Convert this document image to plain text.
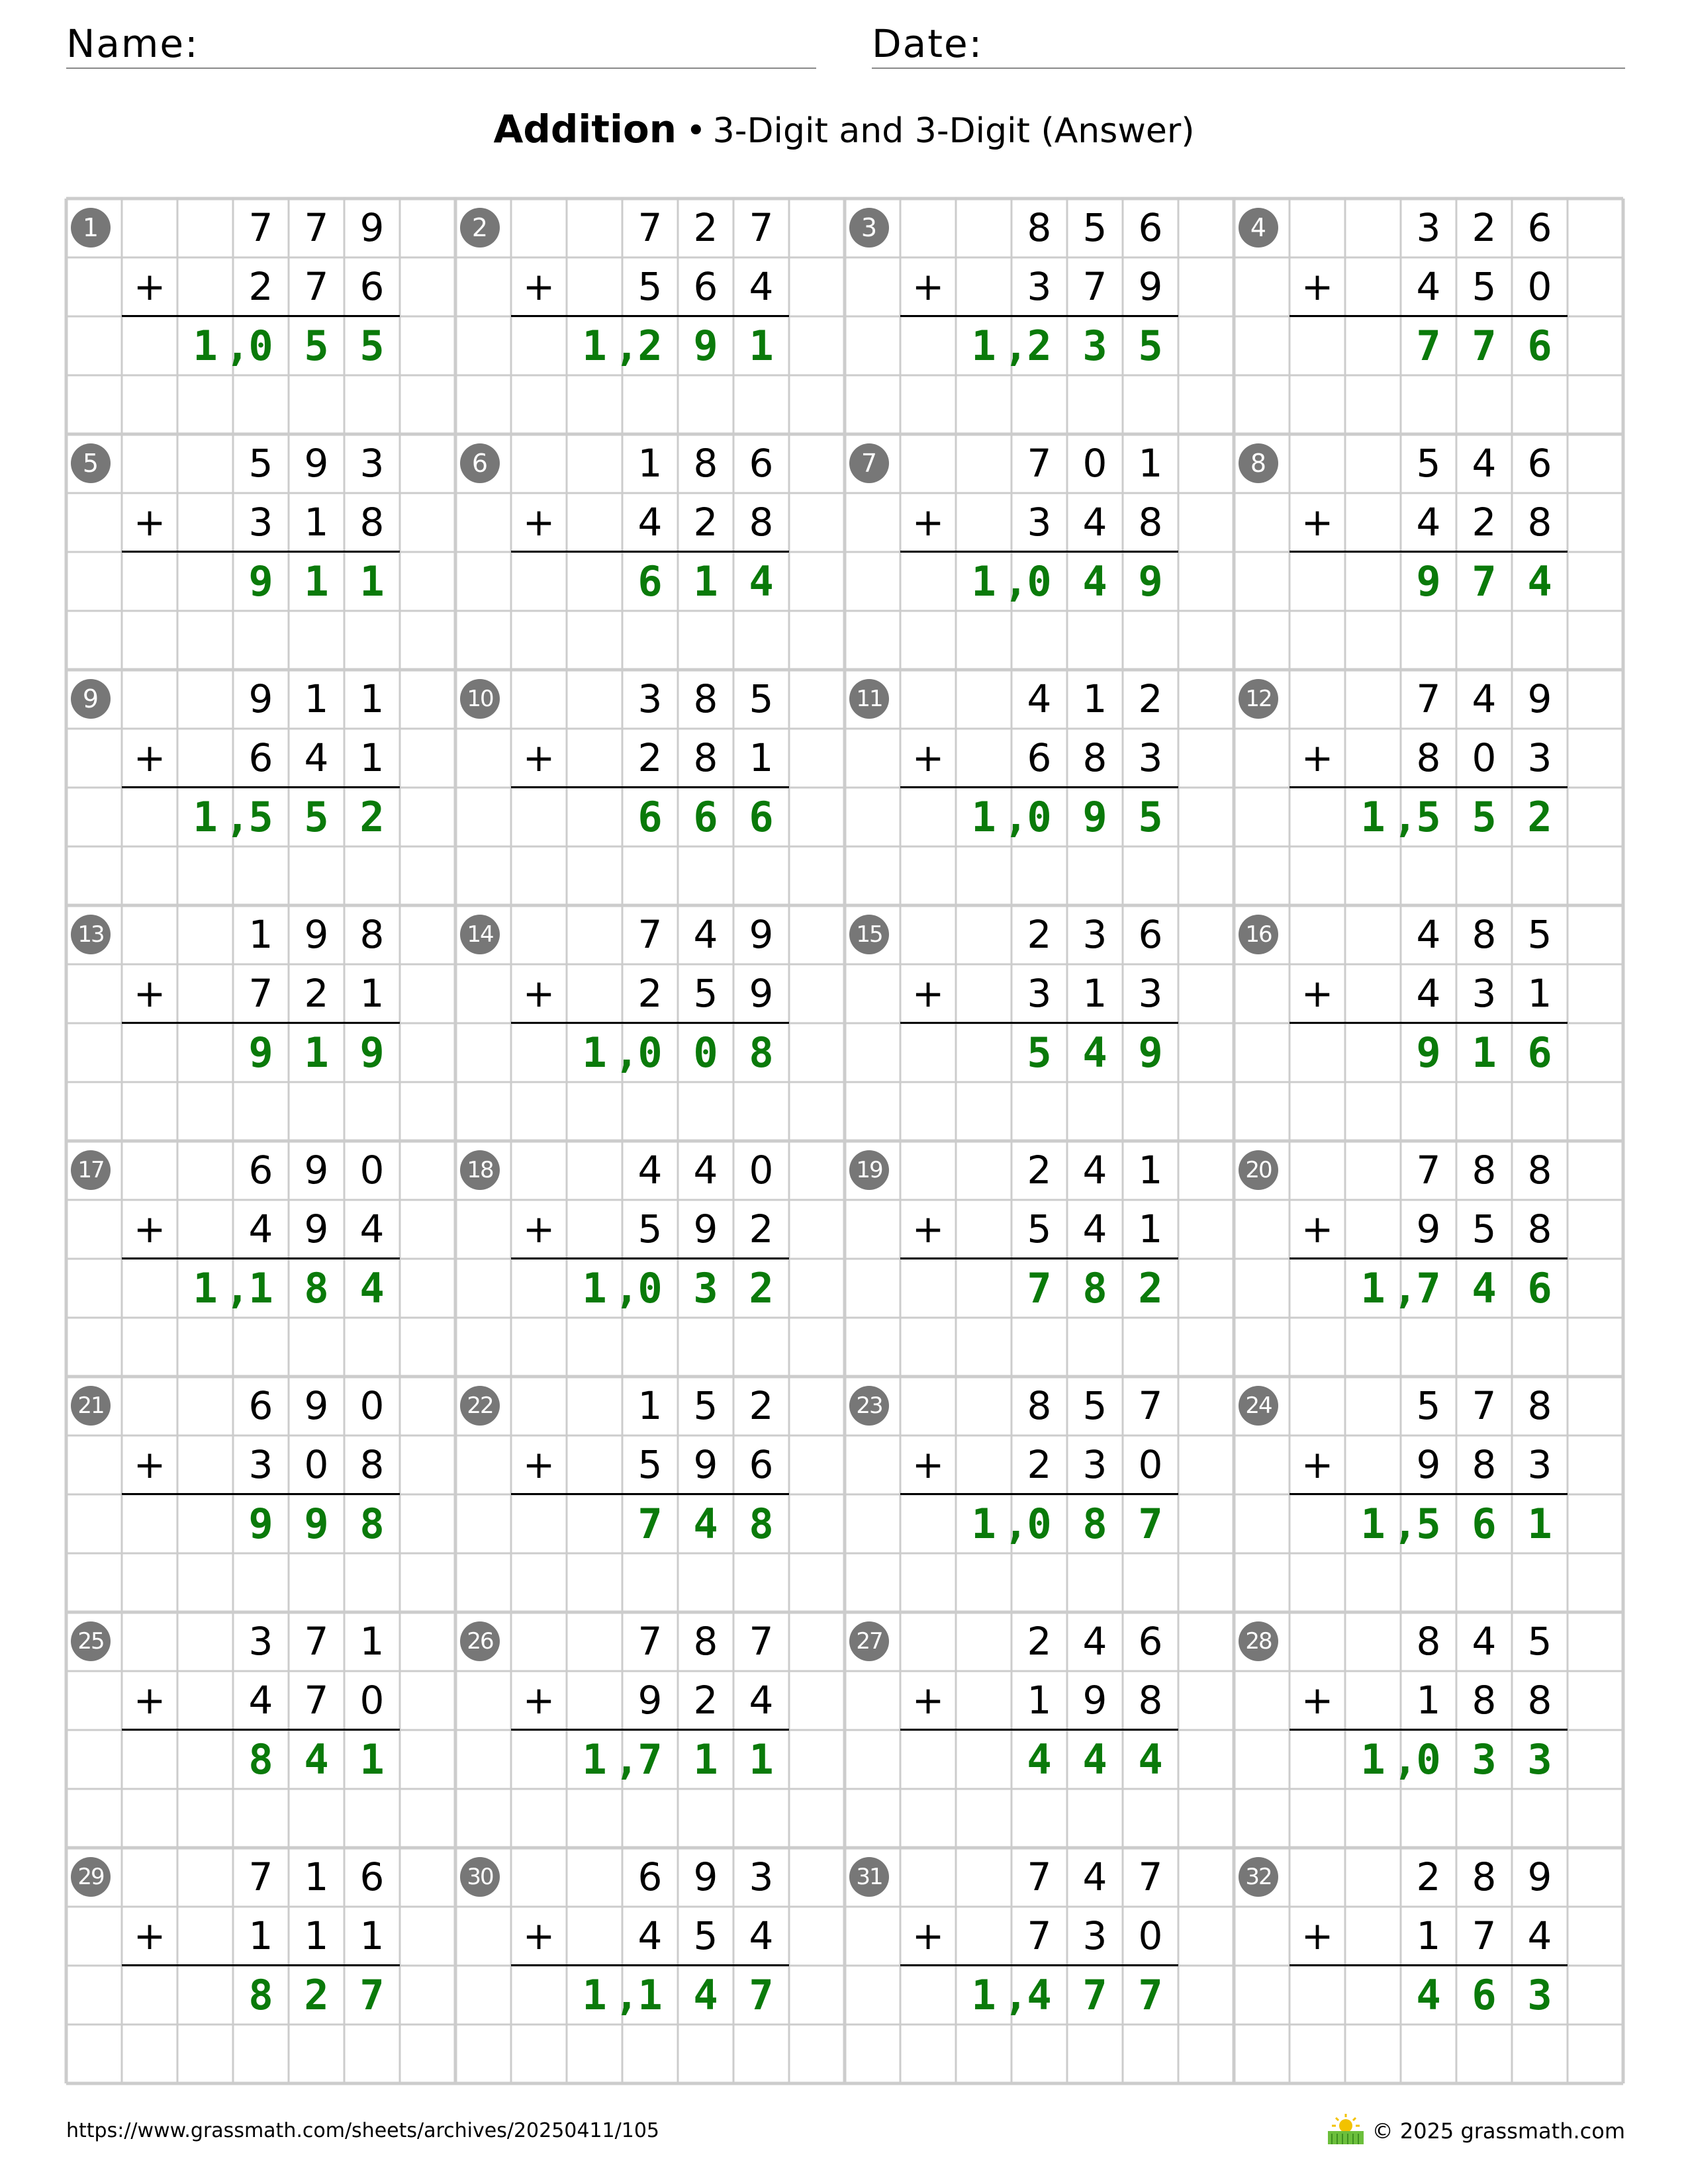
Name:	Date:
Addition • 3-Digit and 3-Digit (Answer)
1	7 7 9
+	2 7 6
1 ,0 5 5
2	7 2 7
+	5 6 4
1 ,2 9 1
3	8 5 6
+	3 7 9
1 ,2 3 5
4	3 2 6
+	4 5 0
7 7 6
5	5 9 3
+	3 1 8
9 1 1
6	1 8 6
+	4 2 8
6 1 4
7	7 0 1
+	3 4 8
1 ,0 4 9
8	5 4 6
+	4 2 8
9 7 4
9	9 1 1
+	6 4 1
1 ,5 5 2
10	3 8 5
+	2 8 1
6 6 6
11	4 1 2
+	6 8 3
1 ,0 9 5
12	7 4 9
+	8 0 3
1 ,5 5 2
13	1 9 8
+	7 2 1
9 1 9
14	7 4 9
+	2 5 9
1 ,0 0 8
15	2 3 6
+	3 1 3
5 4 9
16	4 8 5
+	4 3 1
9 1 6
17	6 9 0
+	4 9 4
1 ,1 8 4
18	4 4 0
+	5 9 2
1 ,0 3 2
19	2 4 1
+	5 4 1
7 8 2
20	7 8 8
+	9 5 8
1 ,7 4 6
21	6 9 0
+	3 0 8
9 9 8
22	1 5 2
+	5 9 6
7 4 8
23	8 5 7
+	2 3 0
1 ,0 8 7
24	5 7 8
+	9 8 3
1 ,5 6 1
25	3 7 1
+	4 7 0
8 4 1
26	7 8 7
+	9 2 4
1 ,7 1 1
27	2 4 6
+	1 9 8
4 4 4
28	8 4 5
+	1 8 8
1 ,0 3 3
29	7 1 6
+	1 1 1
8 2 7
30	6 9 3
+	4 5 4
1 ,1 4 7
31	7 4 7
+	7 3 0
1 ,4 7 7
32	2 8 9
+	1 7 4
4 6 3
https://www.grassmath.com/sheets/archives/20250411/105	© 2025 grassmath.com
